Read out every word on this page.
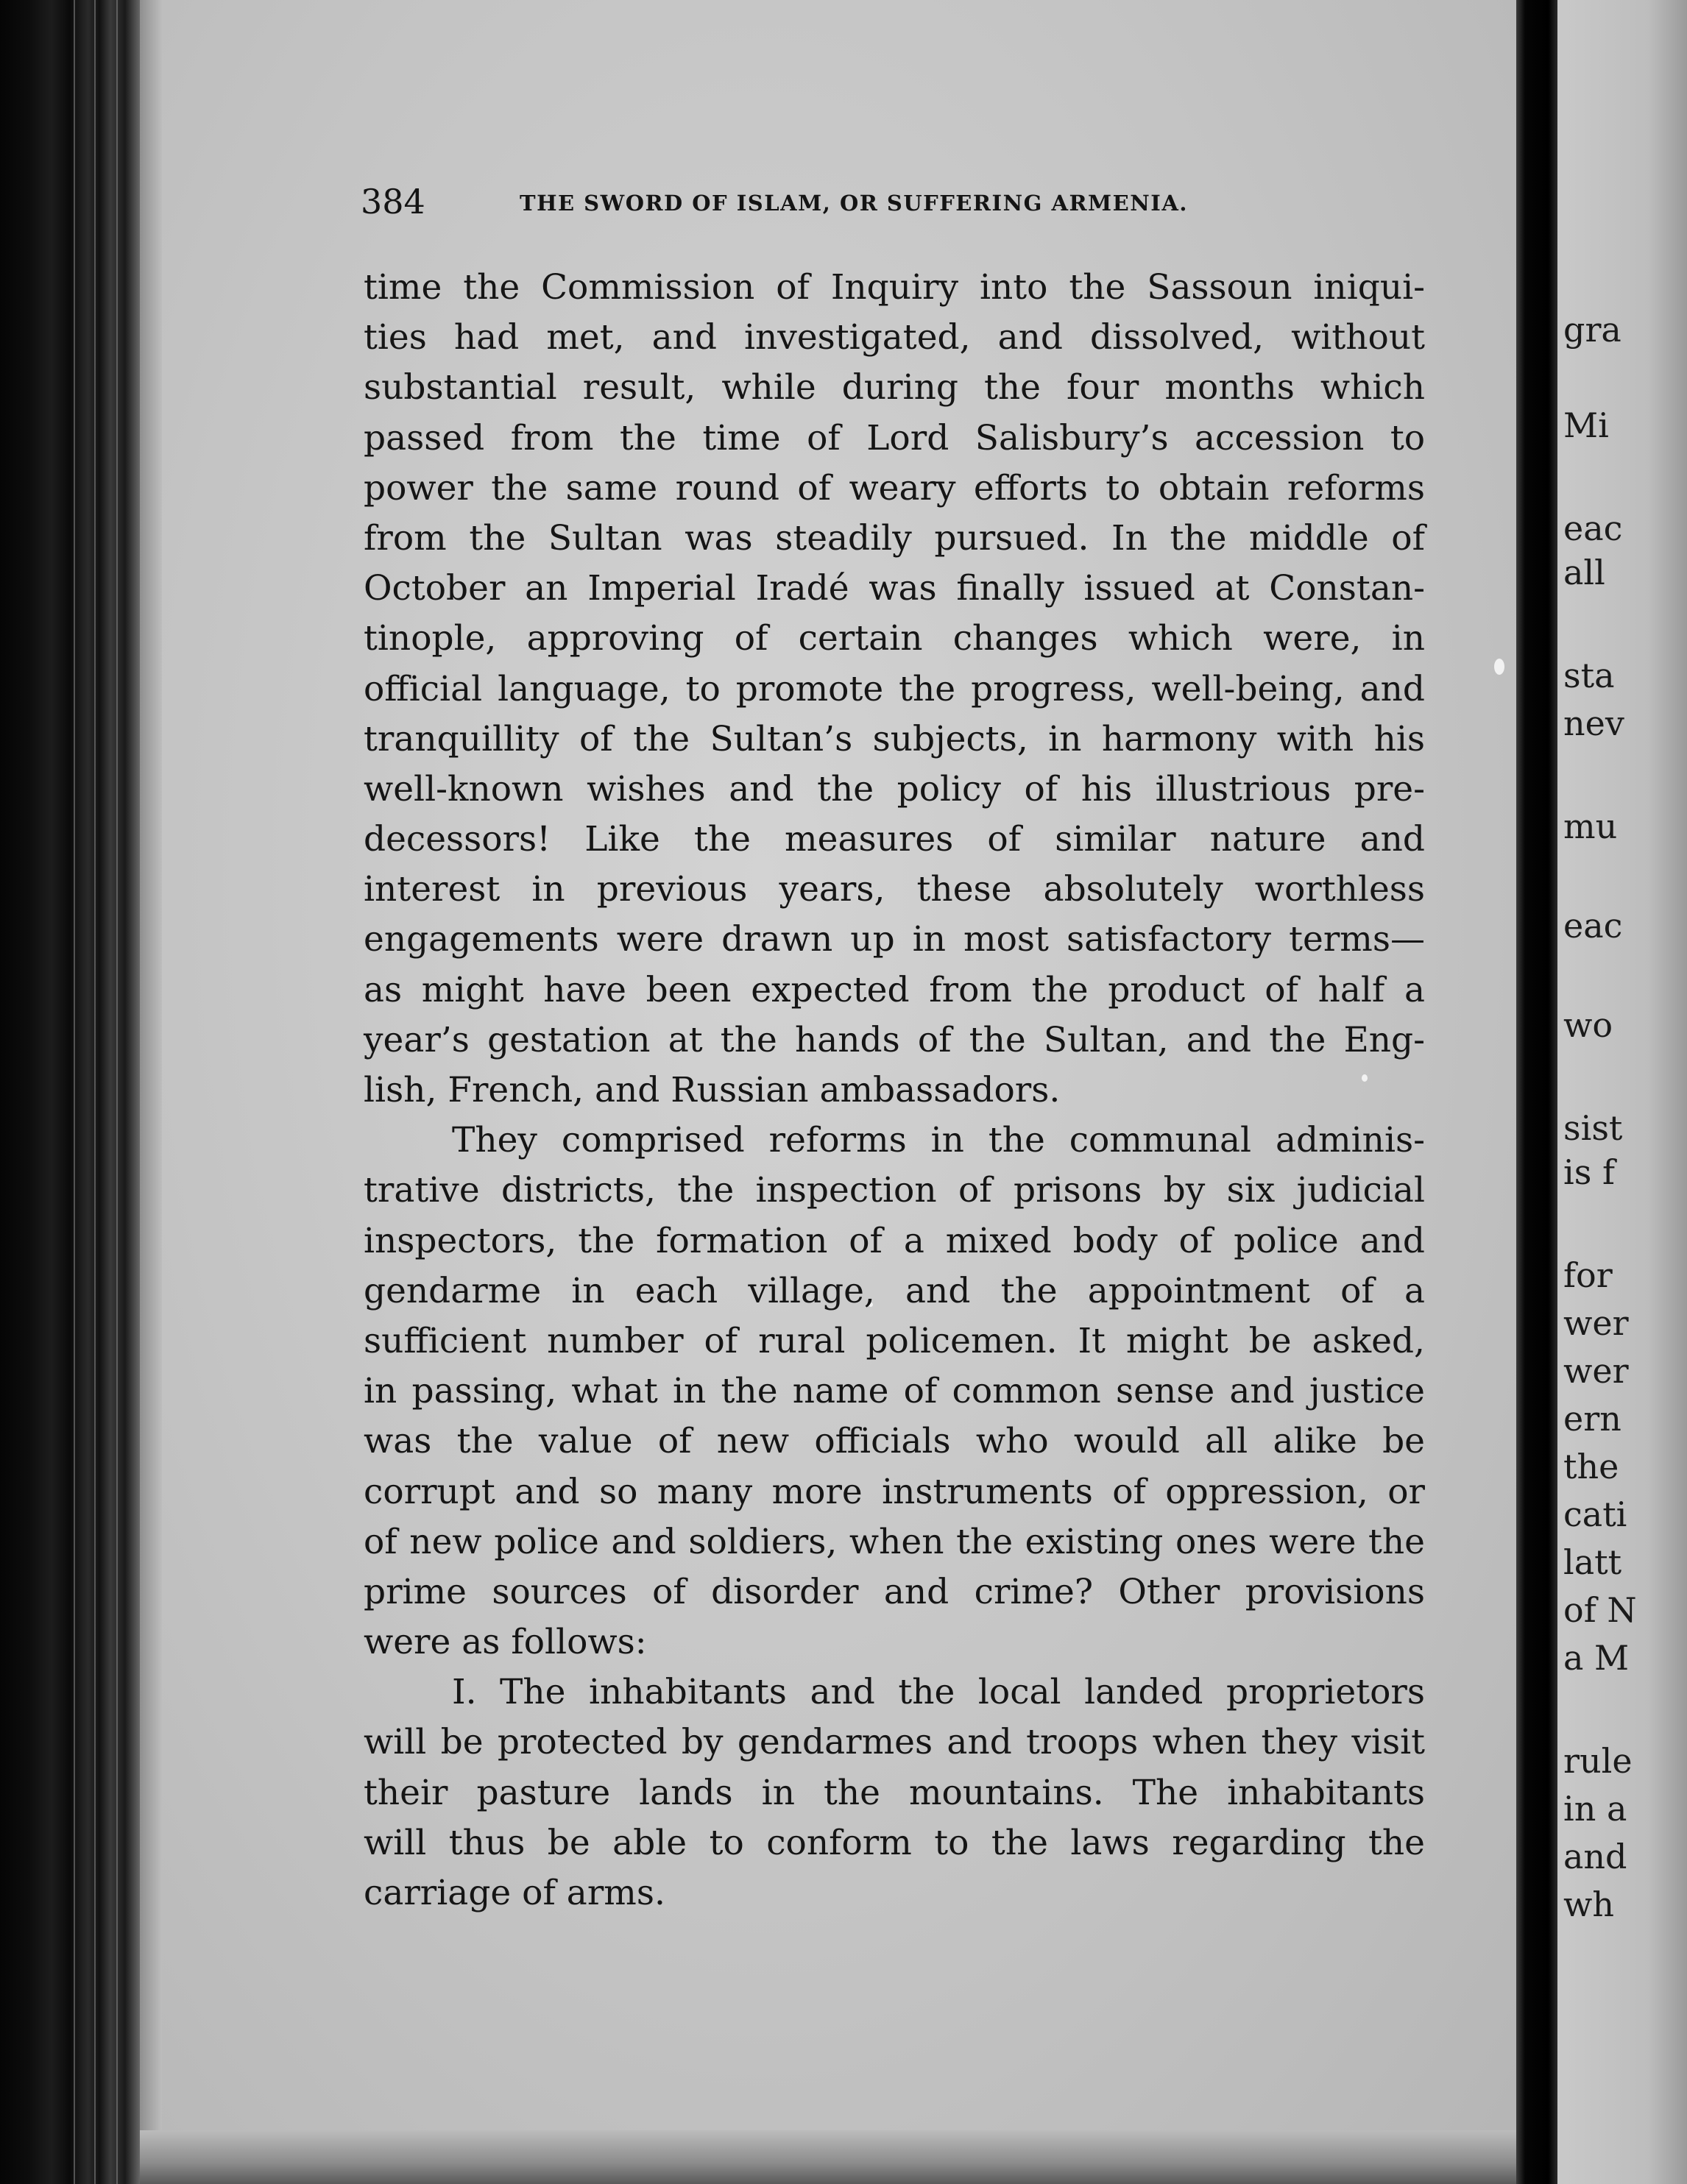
384	THE SWORD OF ISLAM, OR SUFFERING ARMENIA.
time the Commission of Inquiry into the Sassoun iniqui-
ties had met, and investigated, and dissolved, without
substantial result, while during the four months which
passed from the time of Lord Salisbury’s accession to
power the same round of weary efforts to obtain reforms
from the Sultan was steadily pursued. In the middle of
October an Imperial Iradé was finally issued at Constan-
tinople, approving of certain changes which were, in
official language, to promote the progress, well-being, and
tranquillity of the Sultan’s subjects, in harmony with his
well-known wishes and the policy of his illustrious pre-
decessors! Like the measures of similar nature and
interest in previous years, these absolutely worthless
engagements were drawn up in most satisfactory terms—
as might have been expected from the product of half a
year’s gestation at the hands of the Sultan, and the Eng-
lish, French, and Russian ambassadors.
They comprised reforms in the communal adminis-
trative districts, the inspection of prisons by six judicial
inspectors, the formation of a mixed body of police and
gendarme in each village, and the appointment of a
sufficient number of rural policemen. It might be asked,
in passing, what in the name of common sense and justice
was the value of new officials who would all alike be
corrupt and so many more instruments of oppression, or
of new police and soldiers, when the existing ones were the
prime sources of disorder and crime? Other provisions
were as follows:
I. The inhabitants and the local landed proprietors
will be protected by gendarmes and troops when they visit
their pasture lands in the mountains. The inhabitants
will thus be able to conform to the laws regarding the
carriage of arms.
gra
Mi
eac
all
sta
nev
mu
eac
wo
sist
is f
for
wer
wer
ern
the
cati
latt
of N
a M
rule
in a
and
wh
